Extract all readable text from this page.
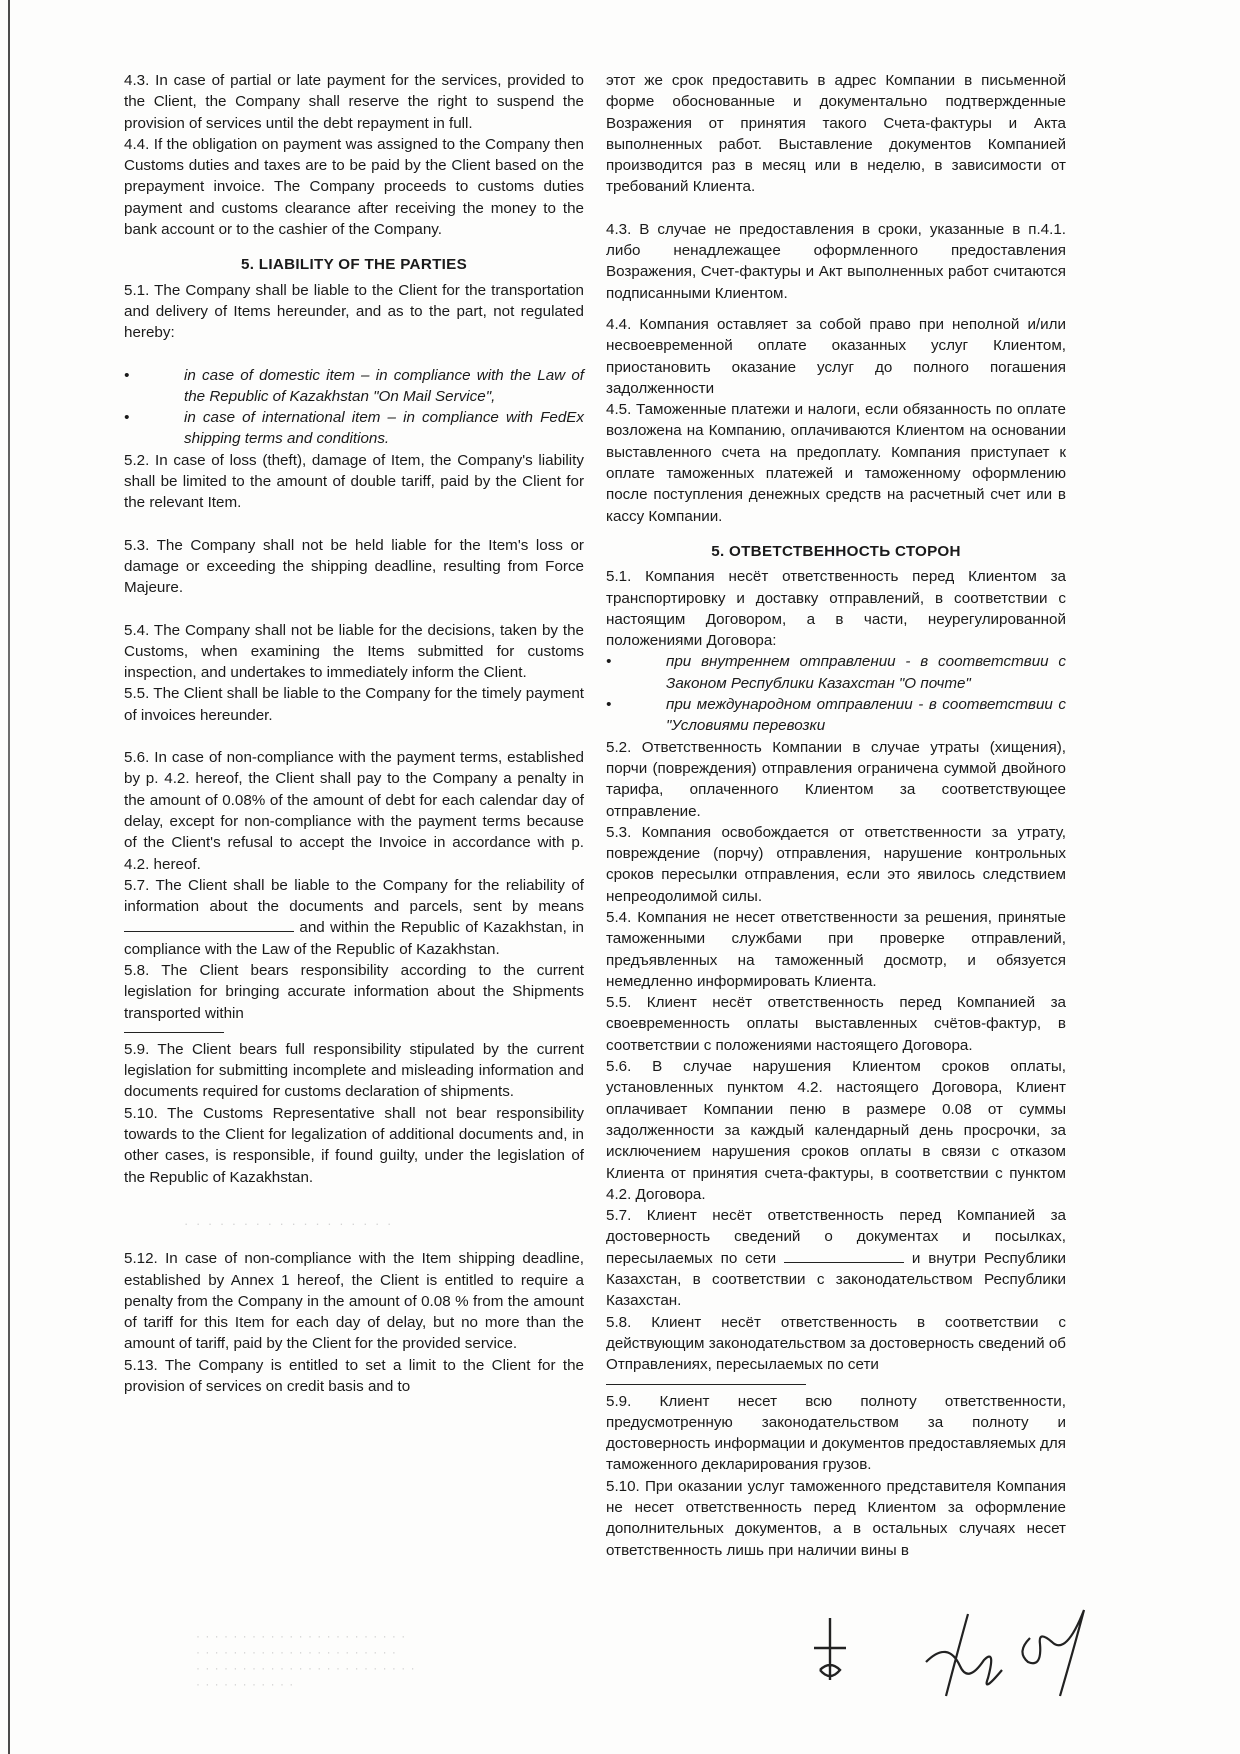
4.3. In case of partial or late payment for the services, provided to the Client, the Company shall reserve the right to suspend the provision of services until the debt repayment in full.

4.4. If the obligation on payment was assigned to the Company then Customs duties and taxes are to be paid by the Client based on the prepayment invoice. The Company proceeds to customs duties payment and customs clearance after receiving the money to the bank account or to the cashier of the Company.

5. LIABILITY OF THE PARTIES

5.1. The Company shall be liable to the Client for the transportation and delivery of Items hereunder, and as to the part, not regulated hereby:

•	in case of domestic item – in compliance with the Law of the Republic of Kazakhstan "On Mail Service",
•	in case of international item – in compliance with FedEx shipping terms and conditions.

5.2. In case of loss (theft), damage of Item, the Company's liability shall be limited to the amount of double tariff, paid by the Client for the relevant Item.

5.3. The Company shall not be held liable for the Item's loss or damage or exceeding the shipping deadline, resulting from Force Majeure.

5.4. The Company shall not be liable for the decisions, taken by the Customs, when examining the Items submitted for customs inspection, and undertakes to immediately inform the Client.

5.5. The Client shall be liable to the Company for the timely payment of invoices hereunder.

5.6. In case of non-compliance with the payment terms, established by p. 4.2. hereof, the Client shall pay to the Company a penalty in the amount of 0.08% of the amount of debt for each calendar day of delay, except for non-compliance with the payment terms because of the Client's refusal to accept the Invoice in accordance with p. 4.2. hereof.

5.7. The Client shall be liable to the Company for the reliability of information about the documents and parcels, sent by means  and within the Republic of Kazakhstan, in compliance with the Law of the Republic of Kazakhstan.

5.8. The Client bears responsibility according to the current legislation for bringing accurate information about the Shipments transported within

5.9. The Client bears full responsibility stipulated by the current legislation for submitting incomplete and misleading information and documents required for customs declaration of shipments.

5.10. The Customs Representative shall not bear responsibility towards to the Client for legalization of additional documents and, in other cases, is responsible, if found guilty, under the legislation of the Republic of Kazakhstan.

· · · · · · · · · · · · · · · · · ·

5.12. In case of non-compliance with the Item shipping deadline, established by Annex 1 hereof, the Client is entitled to require a penalty from the Company in the amount of 0.08 % from the amount of tariff for this Item for each day of delay, but no more than the amount of tariff, paid by the Client for the provided service.

5.13. The Company is entitled to set a limit to the Client for the provision of services on credit basis and to

этот же срок предоставить в адрес Компании в письменной форме обоснованные и документально подтвержденные Возражения от принятия такого Счета-фактуры и Акта выполненных работ. Выставление документов Компанией производится раз в месяц или в неделю, в зависимости от требований Клиента.

4.3. В случае не предоставления в сроки, указанные в п.4.1. либо ненадлежащее оформленного предоставления Возражения, Счет-фактуры и Акт выполненных работ считаются подписанными Клиентом.

4.4. Компания оставляет за собой право при неполной и/или несвоевременной оплате оказанных услуг Клиентом, приостановить оказание услуг до полного погашения задолженности

4.5. Таможенные платежи и налоги, если обязанность по оплате возложена на Компанию, оплачиваются Клиентом на основании выставленного счета на предоплату. Компания приступает к оплате таможенных платежей и таможенному оформлению после поступления денежных средств на расчетный счет или в кассу Компании.

5. ОТВЕТСТВЕННОСТЬ СТОРОН

5.1. Компания несёт ответственность перед Клиентом за транспортировку и доставку отправлений, в соответствии с настоящим Договором, а в части, неурегулированной положениями Договора:

•	при внутреннем отправлении - в соответствии с Законом Республики Казахстан "О почте"
•	при международном отправлении - в соответствии с "Условиями перевозки

5.2. Ответственность Компании в случае утраты (хищения), порчи (повреждения) отправления ограничена суммой двойного тарифа, оплаченного Клиентом за соответствующее отправление.

5.3. Компания освобождается от ответственности за утрату, повреждение (порчу) отправления, нарушение контрольных сроков пересылки отправления, если это явилось следствием непреодолимой силы.

5.4. Компания не несет ответственности за решения, принятые таможенными службами при проверке отправлений, предъявленных на таможенный досмотр, и обязуется немедленно информировать Клиента.

5.5. Клиент несёт ответственность перед Компанией за своевременность оплаты выставленных счётов-фактур, в соответствии с положениями настоящего Договора.

5.6. В случае нарушения Клиентом сроков оплаты, установленных пунктом 4.2. настоящего Договора, Клиент оплачивает Компании пеню в размере 0.08 от суммы задолженности за каждый календарный день просрочки, за исключением нарушения сроков оплаты в связи с отказом Клиента от принятия счета-фактуры, в соответствии с пунктом 4.2. Договора.

5.7. Клиент несёт ответственность перед Компанией за достоверность сведений о документах и посылках, пересылаемых по сети	и внутри Республики Казахстан, в соответствии с законодательством Республики Казахстан.

5.8. Клиент несёт ответственность в соответствии с действующим законодательством за достоверность сведений об Отправлениях, пересылаемых по сети

5.9. Клиент несет всю полноту ответственности, предусмотренную законодательством за полноту и достоверность информации и документов предоставляемых для таможенного декларирования грузов.

5.10. При оказании услуг таможенного представителя Компания не несет ответственность перед Клиентом за оформление дополнительных документов, а в остальных случаях несет ответственность лишь при наличии вины в

· · · · · · · · · · · · · · · · · · · · · · ·
· · · · · · · · · · · · · · · · · · · · · ·
· · · · · · · · · · · · · · · · · · · · · · · ·
· · · · · · · · · · ·
